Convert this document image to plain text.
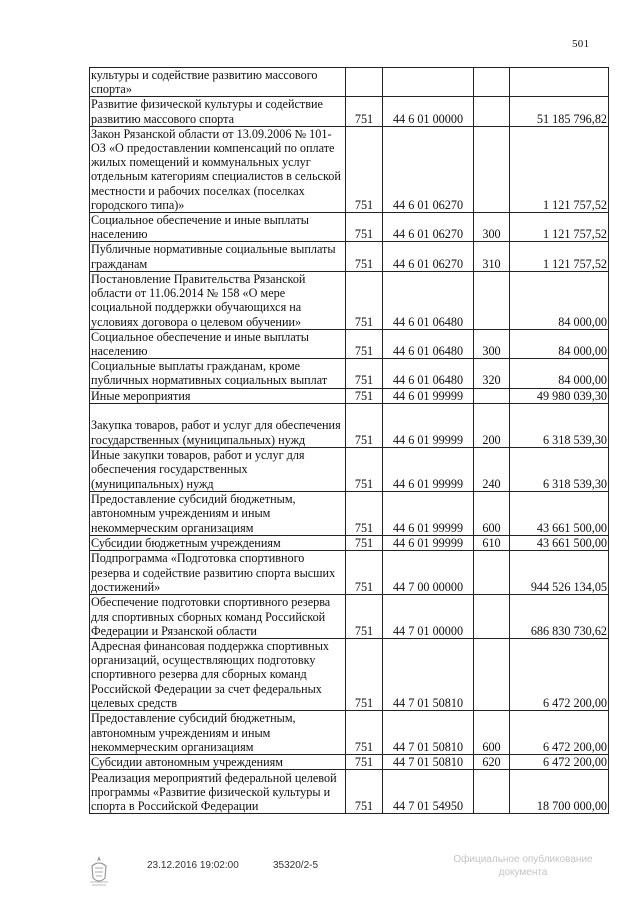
501
культуры и содействие развитию массового спорта»				
Развитие физической культуры и содействие развитию массового спорта	751	44 6 01 00000		51 185 796,82
Закон Рязанской области от 13.09.2006 № 101-ОЗ «О предоставлении компенсаций по оплате жилых помещений и коммунальных услуг отдельным категориям специалистов в сельской местности и рабочих поселках (поселках городского типа)»	751	44 6 01 06270		1 121 757,52
Социальное обеспечение и иные выплаты населению	751	44 6 01 06270	300	1 121 757,52
Публичные нормативные социальные выплаты гражданам	751	44 6 01 06270	310	1 121 757,52
Постановление Правительства Рязанской области от 11.06.2014 № 158 «О мере социальной поддержки обучающихся на условиях договора о целевом обучении»	751	44 6 01 06480		84 000,00
Социальное обеспечение и иные выплаты населению	751	44 6 01 06480	300	84 000,00
Социальные выплаты гражданам, кроме публичных нормативных социальных выплат	751	44 6 01 06480	320	84 000,00
Иные мероприятия	751	44 6 01 99999		49 980 039,30
Закупка товаров, работ и услуг для обеспечения государственных (муниципальных) нужд	751	44 6 01 99999	200	6 318 539,30
Иные закупки товаров, работ и услуг для обеспечения государственных (муниципальных) нужд	751	44 6 01 99999	240	6 318 539,30
Предоставление субсидий бюджетным, автономным учреждениям и иным некоммерческим организациям	751	44 6 01 99999	600	43 661 500,00
Субсидии бюджетным учреждениям	751	44 6 01 99999	610	43 661 500,00
Подпрограмма «Подготовка спортивного резерва и содействие развитию спорта высших достижений»	751	44 7 00 00000		944 526 134,05
Обеспечение подготовки спортивного резерва для спортивных сборных команд Российской Федерации и Рязанской области	751	44 7 01 00000		686 830 730,62
Адресная финансовая поддержка спортивных организаций, осуществляющих подготовку спортивного резерва для сборных команд Российской Федерации за счет федеральных целевых средств	751	44 7 01 50810		6 472 200,00
Предоставление субсидий бюджетным, автономным учреждениям и иным некоммерческим организациям	751	44 7 01 50810	600	6 472 200,00
Субсидии автономным учреждениям	751	44 7 01 50810	620	6 472 200,00
Реализация мероприятий федеральной целевой программы «Развитие физической культуры и спорта в Российской Федерации	751	44 7 01 54950		18 700 000,00
23.12.2016 19:02:00	35320/2-5
Официальное опубликование
документа
